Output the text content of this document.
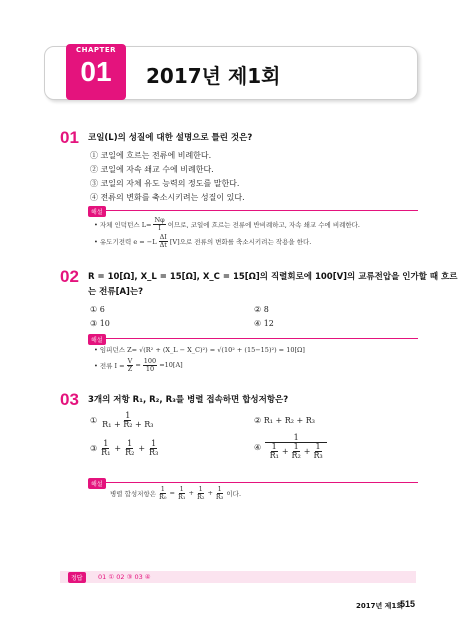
CHAPTER
01	2017년 제1회
01 코일(L)의 성질에 대한 설명으로 틀린 것은?
① 코일에 흐르는 전류에 비례한다.
② 코일에 자속 쇄교 수에 비례한다.
③ 코일의 자체 유도 능력의 정도를 말한다.
④ 전류의 변화를 축소시키려는 성질이 있다.
해설
• 자체 인덕턴스 $L= \frac{N\varphi}{I}$ 이므로, 코일에 흐르는 전류에 반비례하고, 자속 쇄교 수에 비례한다.
• 유도기전력 $e = -L \frac{\Delta I}{\Delta t} [V]$으로 전류의 변화를 축소시키려는 작용을 한다.
02 R = 10[Ω], X_L = 15[Ω], X_C = 15[Ω]의 직렬회로에 100[V]의 교류전압을 인가할 때 흐르
는 전류[A]는?
① 6	② 8
③ 10	④ 12
해설
• 임피던스 Z= √(R² + (X_L − X_C)²) = √(10² + (15−15)²) = 10[Ω]
• 전류 $I = \frac{V}{Z} = \frac{100}{10} =10[A]$
03 3개의 저항 R₁, R₂, R₃를 병렬 접속하면 합성저항은?
① $\frac{1}{\text{R₁ + R₂ + R₃}}$	② R₁ + R₂ + R₃
③ $\frac{1}{\text{R₁}} + \frac{1}{\text{R₂}} + \frac{1}{\text{R₃}}$	④ $\frac{1}{\frac{1}{\text{R₁}} + \frac{1}{\text{R₂}} + \frac{1}{\text{R₃}}}$
해설
병렬 합성저항은 $\frac{1}{\text{R₀}} = \frac{1}{\text{R₁}} + \frac{1}{\text{R₂}} + \frac{1}{\text{R₃}}$ 이다.
정답	01 ① 02 ③ 03 ④
2017년 제1회
515
